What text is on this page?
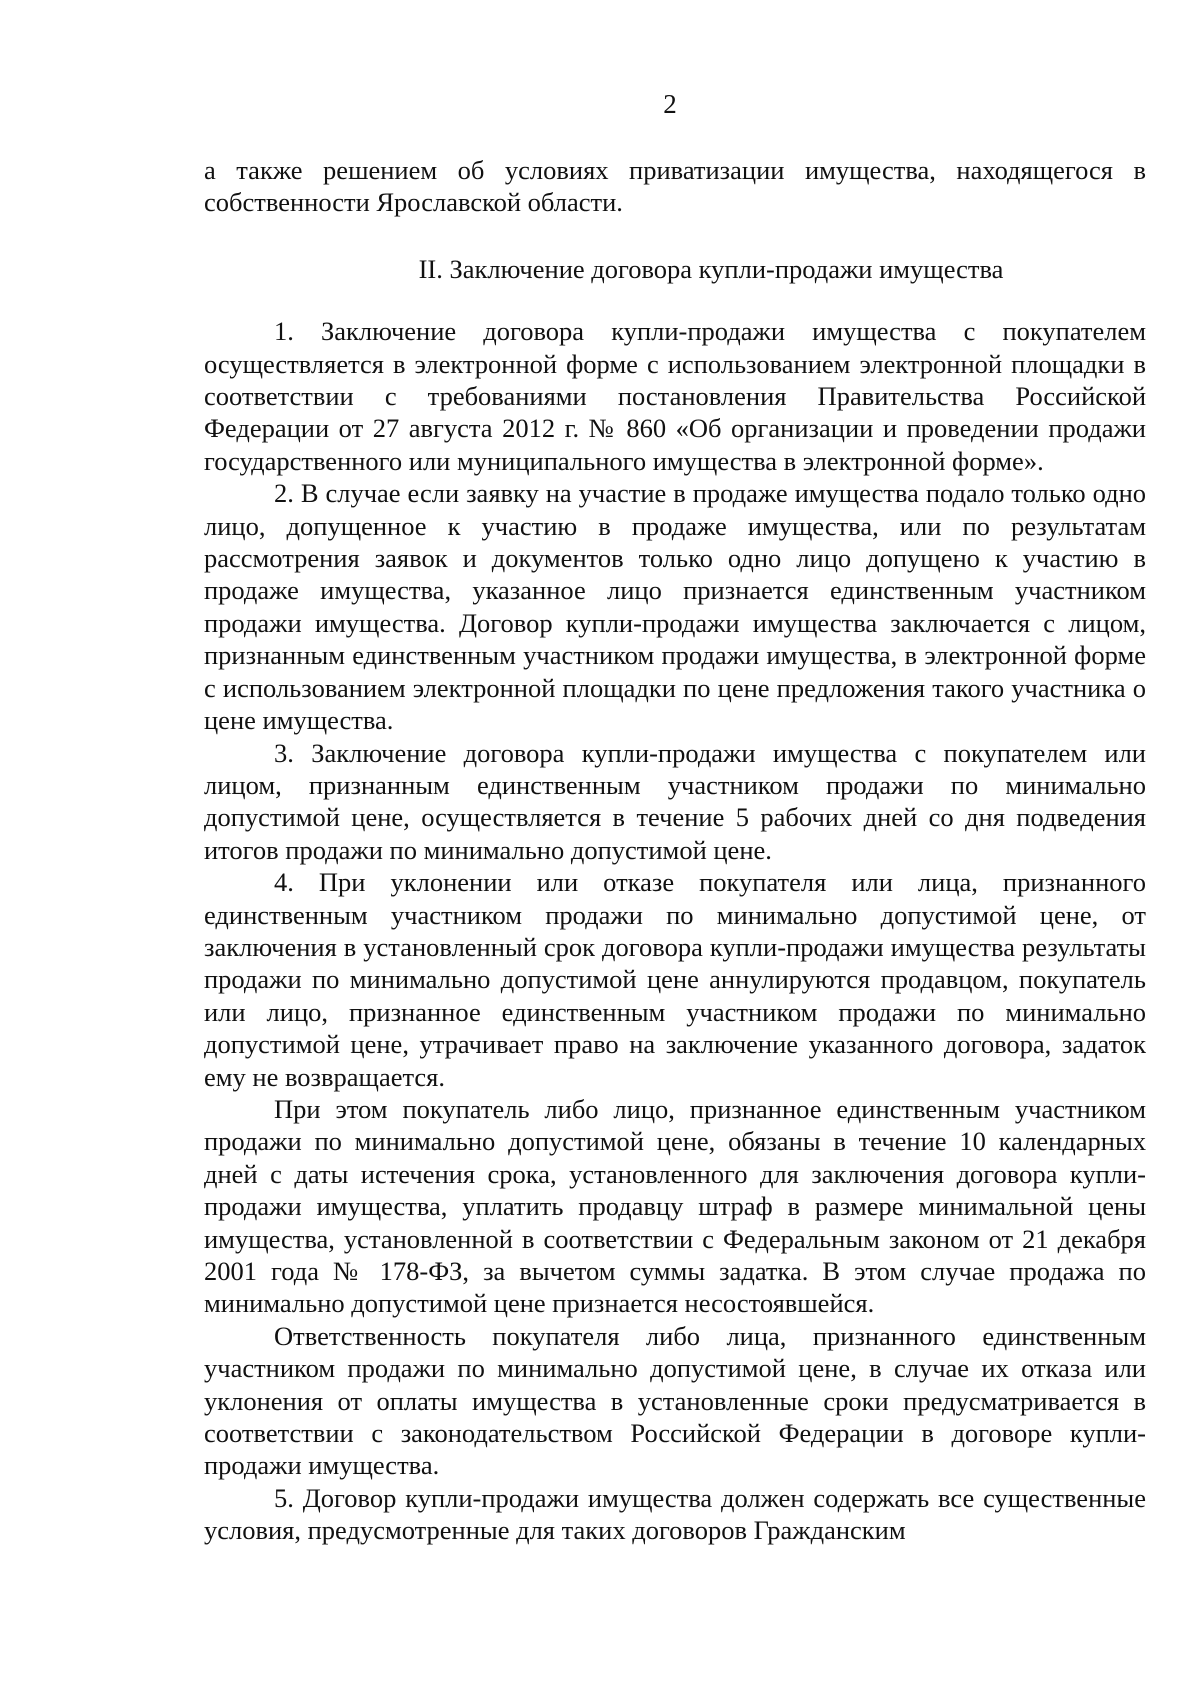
2

а также решением об условиях приватизации имущества, находящегося в собственности Ярославской области.

II. Заключение договора купли-продажи имущества

1. Заключение договора купли-продажи имущества с покупателем осуществляется в электронной форме с использованием электронной площадки в соответствии с требованиями постановления Правительства Российской Федерации от 27 августа 2012 г. № 860 «Об организации и проведении продажи государственного или муниципального имущества в электронной форме».

2. В случае если заявку на участие в продаже имущества подало только одно лицо, допущенное к участию в продаже имущества, или по результатам рассмотрения заявок и документов только одно лицо допущено к участию в продаже имущества, указанное лицо признается единственным участником продажи имущества. Договор купли-продажи имущества заключается с лицом, признанным единственным участником продажи имущества, в электронной форме с использованием электронной площадки по цене предложения такого участника о цене имущества.

3. Заключение договора купли-продажи имущества с покупателем или лицом, признанным единственным участником продажи по минимально допустимой цене, осуществляется в течение 5 рабочих дней со дня подведения итогов продажи по минимально допустимой цене.

4. При уклонении или отказе покупателя или лица, признанного единственным участником продажи по минимально допустимой цене, от заключения в установленный срок договора купли-продажи имущества результаты продажи по минимально допустимой цене аннулируются продавцом, покупатель или лицо, признанное единственным участником продажи по минимально допустимой цене, утрачивает право на заключение указанного договора, задаток ему не возвращается.

При этом покупатель либо лицо, признанное единственным участником продажи по минимально допустимой цене, обязаны в течение 10 календарных дней с даты истечения срока, установленного для заключения договора купли-продажи имущества, уплатить продавцу штраф в размере минимальной цены имущества, установленной в соответствии с Федеральным законом от 21 декабря 2001 года № 178-ФЗ, за вычетом суммы задатка. В этом случае продажа по минимально допустимой цене признается несостоявшейся.

Ответственность покупателя либо лица, признанного единственным участником продажи по минимально допустимой цене, в случае их отказа или уклонения от оплаты имущества в установленные сроки предусматривается в соответствии с законодательством Российской Федерации в договоре купли-продажи имущества.

5. Договор купли-продажи имущества должен содержать все существенные условия, предусмотренные для таких договоров Гражданским
